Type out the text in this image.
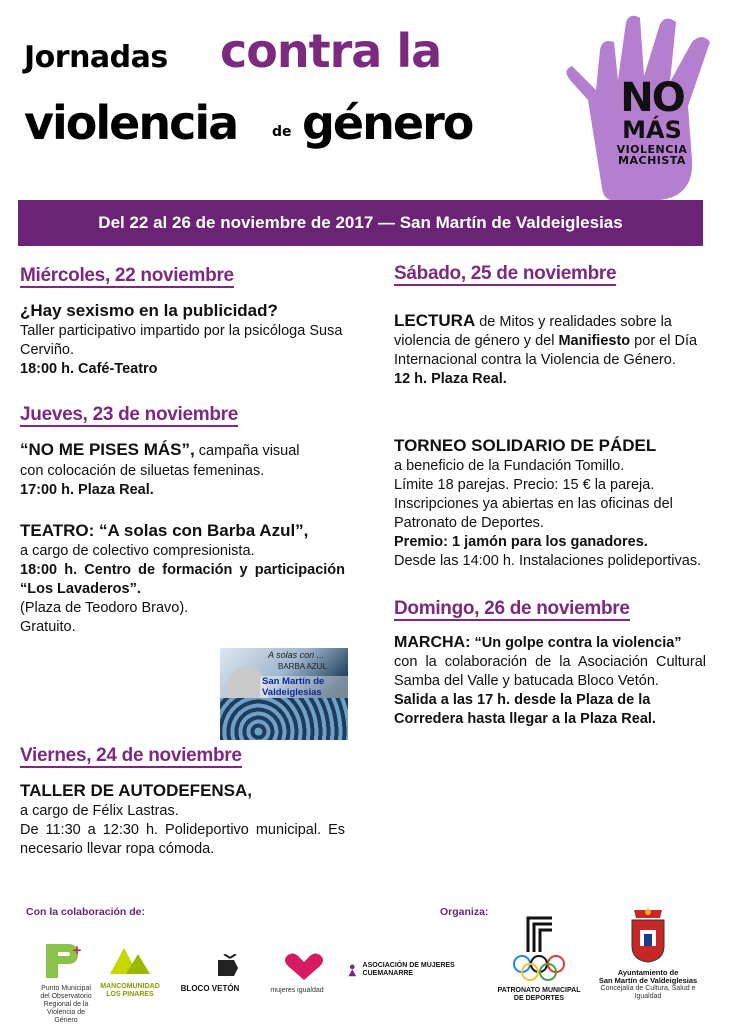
Jornadas contra la
violencia de género	NO
MÁS
VIOLENCIA
MACHISTA
Del 22 al 26 de noviembre de 2017 — San Martín de Valdeiglesias
Miércoles, 22 noviembre
¿Hay sexismo en la publicidad?
Taller participativo impartido por la psicóloga Susa Cerviño.
18:00 h. Café-Teatro
Jueves, 23 de noviembre
“NO ME PISES MÁS”, campaña visual
con colocación de siluetas femeninas.
17:00 h. Plaza Real.
TEATRO: “A solas con Barba Azul”,
a cargo de colectivo compresionista.
18:00 h. Centro de formación y participación “Los Lavaderos”.
(Plaza de Teodoro Bravo).
Gratuito.
A solas con ...
BARBA AZUL
San Martín de Valdeiglesias
Viernes, 24 de noviembre
TALLER DE AUTODEFENSA,
a cargo de Félix Lastras.
De 11:30 a 12:30 h. Polideportivo municipal. Es necesario llevar ropa cómoda.
Sábado, 25 de noviembre
LECTURA de Mitos y realidades sobre la violencia de género y del Manifiesto por el Día Internacional contra la Violencia de Género.
12 h. Plaza Real.
TORNEO SOLIDARIO DE PÁDEL
a beneficio de la Fundación Tomillo.
Límite 18 parejas. Precio: 15 € la pareja.
Inscripciones ya abiertas en las oficinas del Patronato de Deportes.
Premio: 1 jamón para los ganadores.
Desde las 14:00 h. Instalaciones polideportivas.
Domingo, 26 de noviembre
MARCHA: “Un golpe contra la violencia”
con la colaboración de la Asociación Cultural Samba del Valle y batucada Bloco Vetón.
Salida a las 17 h. desde la Plaza de la Corredera hasta llegar a la Plaza Real.
Con la colaboración de:	Organiza:
+
Punto Municipal del Observatorio Regional de la Violencia de Género
MANCOMUNIDAD LOS PINARES
BLOCO VETÓN	mujeres igualdad
ASOCIACIÓN DE MUJERES CUEMANARRE
PATRONATO MUNICIPAL DE DEPORTES
Ayuntamiento de
San Martín de Valdeiglesias
Concejalía de Cultura, Salud e Igualdad
